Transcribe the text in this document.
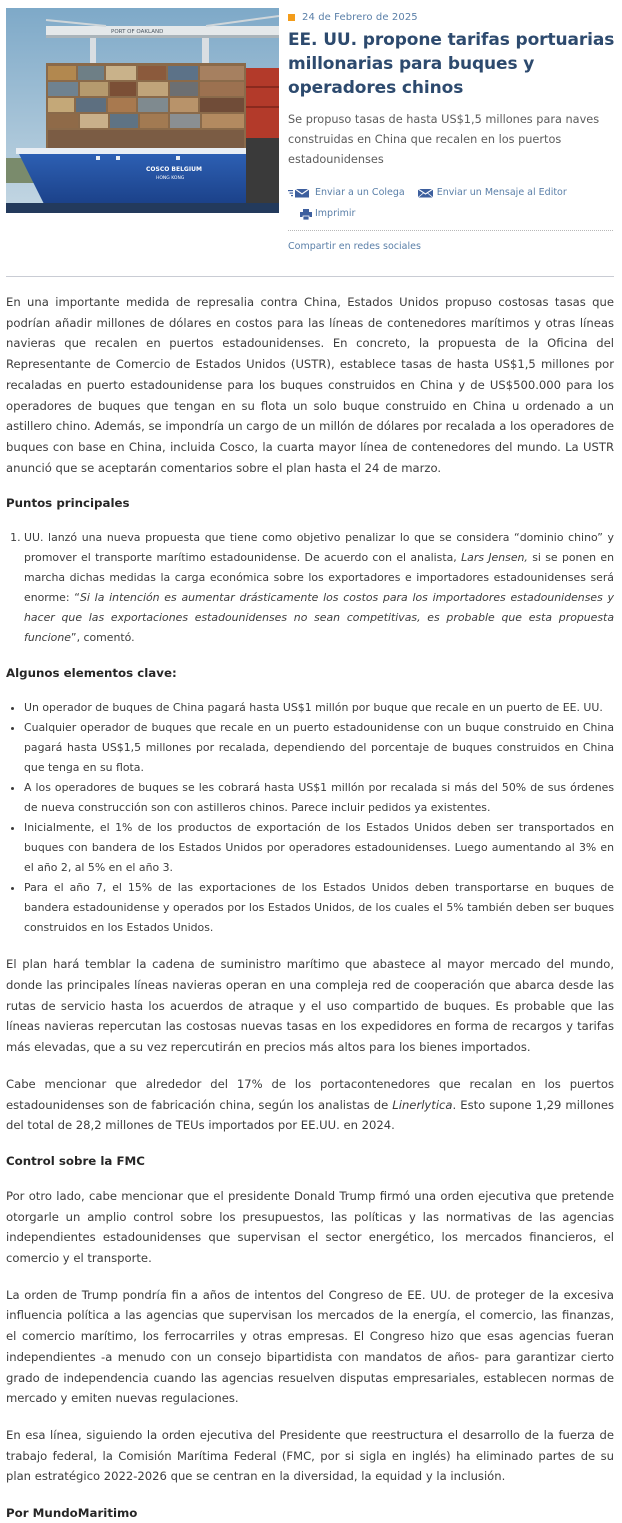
PORT OF OAKLAND
COSCO BELGIUM
HONG KONG
24 de Febrero de 2025
EE. UU. propone tarifas portuarias millonarias para buques y operadores chinos

Se propuso tasas de hasta US$1,5 millones para naves construidas en China que recalen en los puertos estadounidenses

Enviar a un Colega
	Enviar un Mensaje al Editor
Imprimir
Compartir en redes sociales

En una importante medida de represalia contra China, Estados Unidos propuso costosas tasas que podrían añadir millones de dólares en costos para las líneas de contenedores marítimos y otras líneas navieras que recalen en puertos estadounidenses. En concreto, la propuesta de la Oficina del Representante de Comercio de Estados Unidos (USTR), establece tasas de hasta US$1,5 millones por recaladas en puerto estadounidense para los buques construidos en China y de US$500.000 para los operadores de buques que tengan en su flota un solo buque construido en China u ordenado a un astillero chino. Además, se impondría un cargo de un millón de dólares por recalada a los operadores de buques con base en China, incluida Cosco, la cuarta mayor línea de contenedores del mundo. La USTR anunció que se aceptarán comentarios sobre el plan hasta el 24 de marzo.

Puntos principales
1. UU. lanzó una nueva propuesta que tiene como objetivo penalizar lo que se considera “dominio chino” y promover el transporte marítimo estadounidense. De acuerdo con el analista, Lars Jensen, si se ponen en marcha dichas medidas la carga económica sobre los exportadores e importadores estadounidenses será enorme: “Si la intención es aumentar drásticamente los costos para los importadores estadounidenses y hacer que las exportaciones estadounidenses no sean competitivas, es probable que esta propuesta funcione”, comentó.
Algunos elementos clave:
• Un operador de buques de China pagará hasta US$1 millón por buque que recale en un puerto de EE. UU.
• Cualquier operador de buques que recale en un puerto estadounidense con un buque construido en China pagará hasta US$1,5 millones por recalada, dependiendo del porcentaje de buques construidos en China que tenga en su flota.
• A los operadores de buques se les cobrará hasta US$1 millón por recalada si más del 50% de sus órdenes de nueva construcción son con astilleros chinos. Parece incluir pedidos ya existentes.
• Inicialmente, el 1% de los productos de exportación de los Estados Unidos deben ser transportados en buques con bandera de los Estados Unidos por operadores estadounidenses. Luego aumentando al 3% en el año 2, al 5% en el año 3.
• Para el año 7, el 15% de las exportaciones de los Estados Unidos deben transportarse en buques de bandera estadounidense y operados por los Estados Unidos, de los cuales el 5% también deben ser buques construidos en los Estados Unidos.

El plan hará temblar la cadena de suministro marítimo que abastece al mayor mercado del mundo, donde las principales líneas navieras operan en una compleja red de cooperación que abarca desde las rutas de servicio hasta los acuerdos de atraque y el uso compartido de buques. Es probable que las líneas navieras repercutan las costosas nuevas tasas en los expedidores en forma de recargos y tarifas más elevadas, que a su vez repercutirán en precios más altos para los bienes importados.

Cabe mencionar que alrededor del 17% de los portacontenedores que recalan en los puertos estadounidenses son de fabricación china, según los analistas de Linerlytica. Esto supone 1,29 millones del total de 28,2 millones de TEUs importados por EE.UU. en 2024.

Control sobre la FMC

Por otro lado, cabe mencionar que el presidente Donald Trump firmó una orden ejecutiva que pretende otorgarle un amplio control sobre los presupuestos, las políticas y las normativas de las agencias independientes estadounidenses que supervisan el sector energético, los mercados financieros, el comercio y el transporte.

La orden de Trump pondría fin a años de intentos del Congreso de EE. UU. de proteger de la excesiva influencia política a las agencias que supervisan los mercados de la energía, el comercio, las finanzas, el comercio marítimo, los ferrocarriles y otras empresas. El Congreso hizo que esas agencias fueran independientes -a menudo con un consejo bipartidista con mandatos de años- para garantizar cierto grado de independencia cuando las agencias resuelven disputas empresariales, establecen normas de mercado y emiten nuevas regulaciones.

En esa línea, siguiendo la orden ejecutiva del Presidente que reestructura el desarrollo de la fuerza de trabajo federal, la Comisión Marítima Federal (FMC, por si sigla en inglés) ha eliminado partes de su plan estratégico 2022-2026 que se centran en la diversidad, la equidad y la inclusión.

Por MundoMaritimo
